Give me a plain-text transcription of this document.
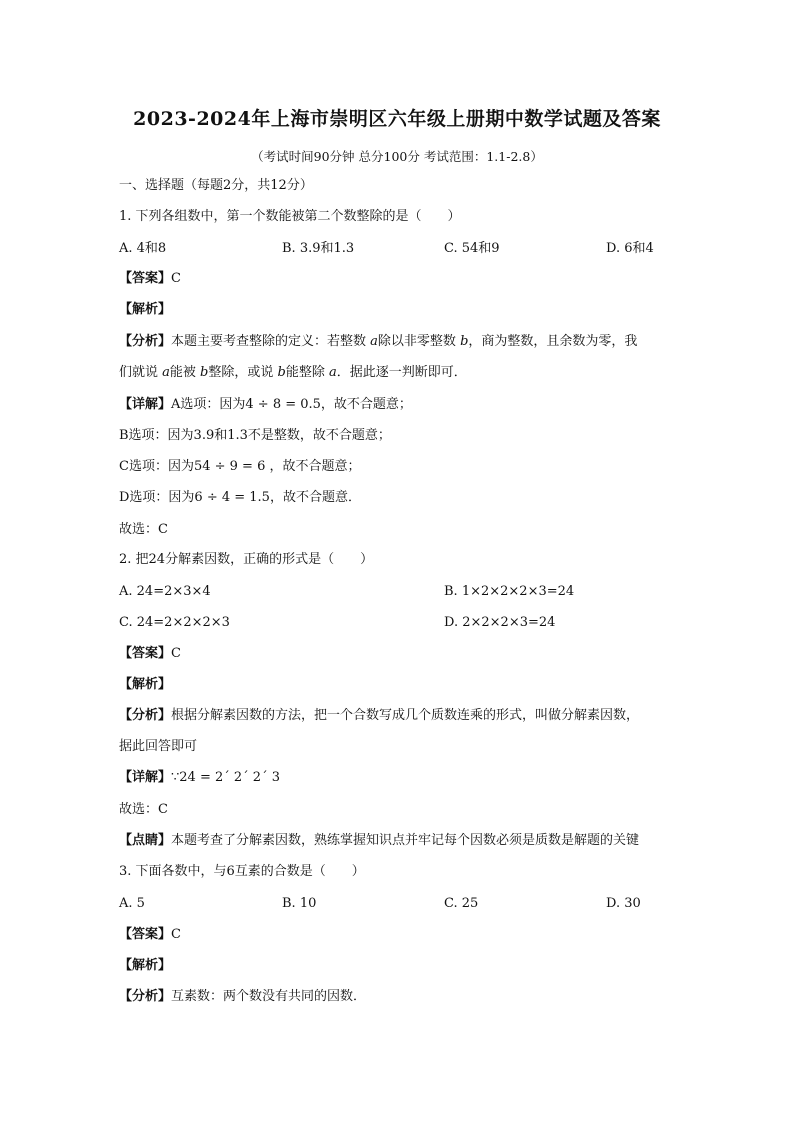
2023-2024年上海市崇明区六年级上册期中数学试题及答案
（考试时间90分钟 总分100分 考试范围：1.1-2.8）
一、选择题（每题2分，共12分）
1. 下列各组数中，第一个数能被第二个数整除的是（　　）
A. 4和8	B. 3.9和1.3	C. 54和9	D. 6和4
【答案】C
【解析】
【分析】本题主要考查整除的定义：若整数 a除以非零整数 b，商为整数，且余数为零，我
们就说 a能被 b整除，或说 b能整除 a．据此逐一判断即可．
【详解】A选项：因为4 ÷ 8 = 0.5，故不合题意；
B选项：因为3.9和1.3不是整数，故不合题意；
C选项：因为54 ÷ 9 = 6 ，故不合题意；
D选项：因为6 ÷ 4 = 1.5，故不合题意．
故选：C
2. 把24分解素因数，正确的形式是（　　）
A. 24=2×3×4	B. 1×2×2×2×3=24
C. 24=2×2×2×3	D. 2×2×2×3=24
【答案】C
【解析】
【分析】根据分解素因数的方法，把一个合数写成几个质数连乘的形式，叫做分解素因数，
据此回答即可
【详解】∵24 = 2´ 2´ 2´ 3
故选：C
【点睛】本题考查了分解素因数，熟练掌握知识点并牢记每个因数必须是质数是解题的关键
3. 下面各数中，与6互素的合数是（　　）
A. 5	B. 10	C. 25	D. 30
【答案】C
【解析】
【分析】互素数：两个数没有共同的因数．
